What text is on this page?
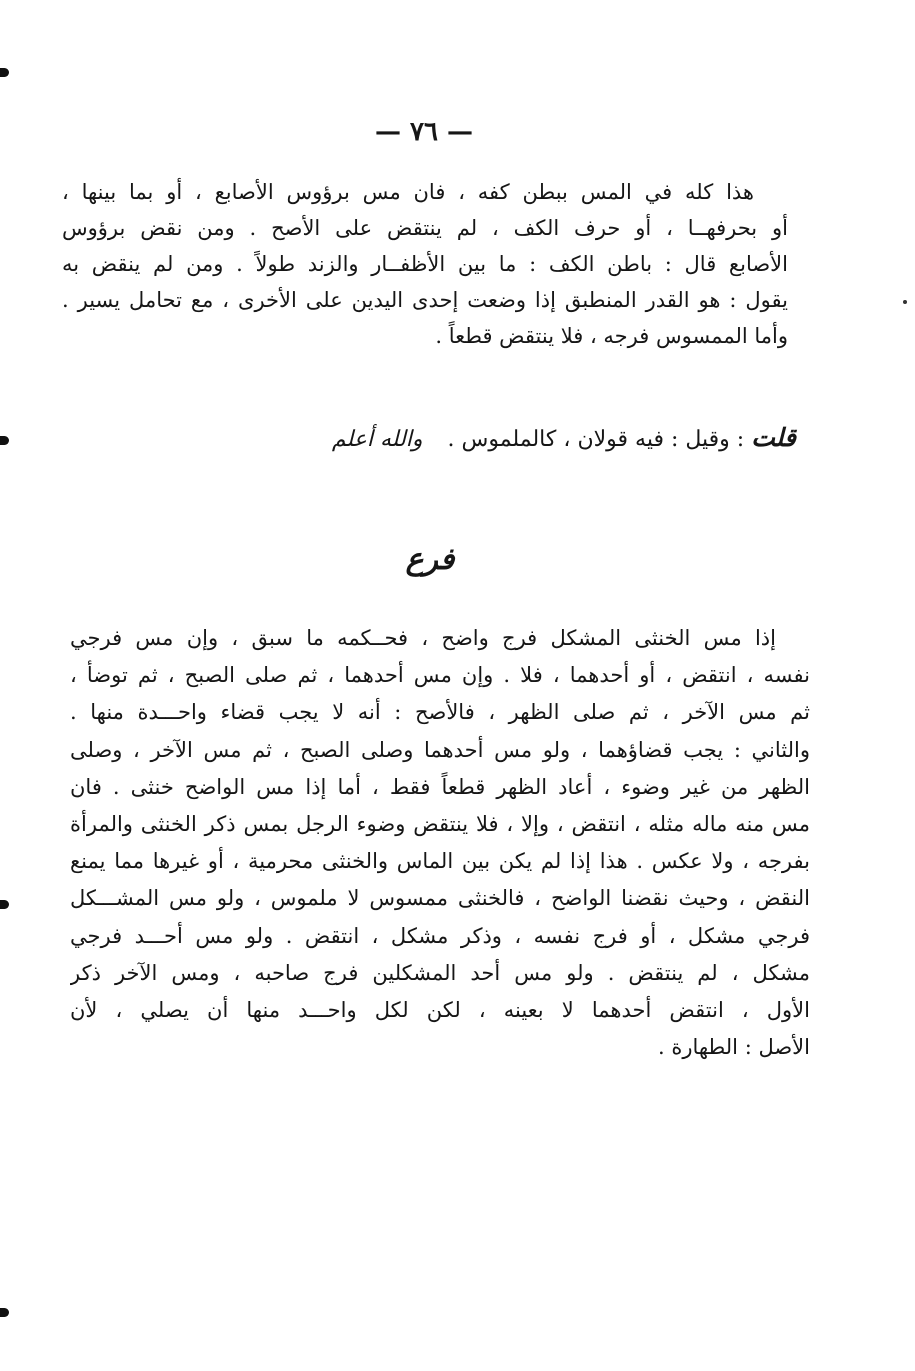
— ٧٦ —
هذا كله في المس ببطن كفه ، فان مس برؤوس الأصابع ، أو بما بينها ،
أو بحرفهــا ، أو حرف الكف ، لم ينتقض على الأصح . ومن نقض برؤوس
الأصابع قال : باطن الكف : ما بين الأظفــار والزند طولاً . ومن لم ينقض به
يقول : هو القدر المنطبق إذا وضعت إحدى اليدين على الأخرى ، مع تحامل يسير .
وأما الممسوس فرجه ، فلا ينتقض قطعاً .
قلت : وقيل : فيه قولان ، كالملموس . والله أعلم
فرع
إذا مس الخنثى المشكل فرج واضح ، فحــكمه ما سبق ، وإن مس فرجي
نفسه ، انتقض ، أو أحدهما ، فلا . وإن مس أحدهما ، ثم صلى الصبح ، ثم توضأ ،
ثم مس الآخر ، ثم صلى الظهر ، فالأصح : أنه لا يجب قضاء واحـــدة منها .
والثاني : يجب قضاؤهما ، ولو مس أحدهما وصلى الصبح ، ثم مس الآخر ، وصلى
الظهر من غير وضوء ، أعاد الظهر قطعاً فقط ، أما إذا مس الواضح خنثى . فان
مس منه ماله مثله ، انتقض ، وإلا ، فلا ينتقض وضوء الرجل بمس ذكر الخنثى والمرأة
بفرجه ، ولا عكس . هذا إذا لم يكن بين الماس والخنثى محرمية ، أو غيرها مما يمنع
النقض ، وحيث نقضنا الواضح ، فالخنثى ممسوس لا ملموس ، ولو مس المشـــكل
فرجي مشكل ، أو فرج نفسه ، وذكر مشكل ، انتقض . ولو مس أحـــد فرجي
مشكل ، لم ينتقض . ولو مس أحد المشكلين فرج صاحبه ، ومس الآخر ذكر
الأول ، انتقض أحدهما لا بعينه ، لكن لكل واحـــد منها أن يصلي ، لأن
الأصل : الطهارة .
